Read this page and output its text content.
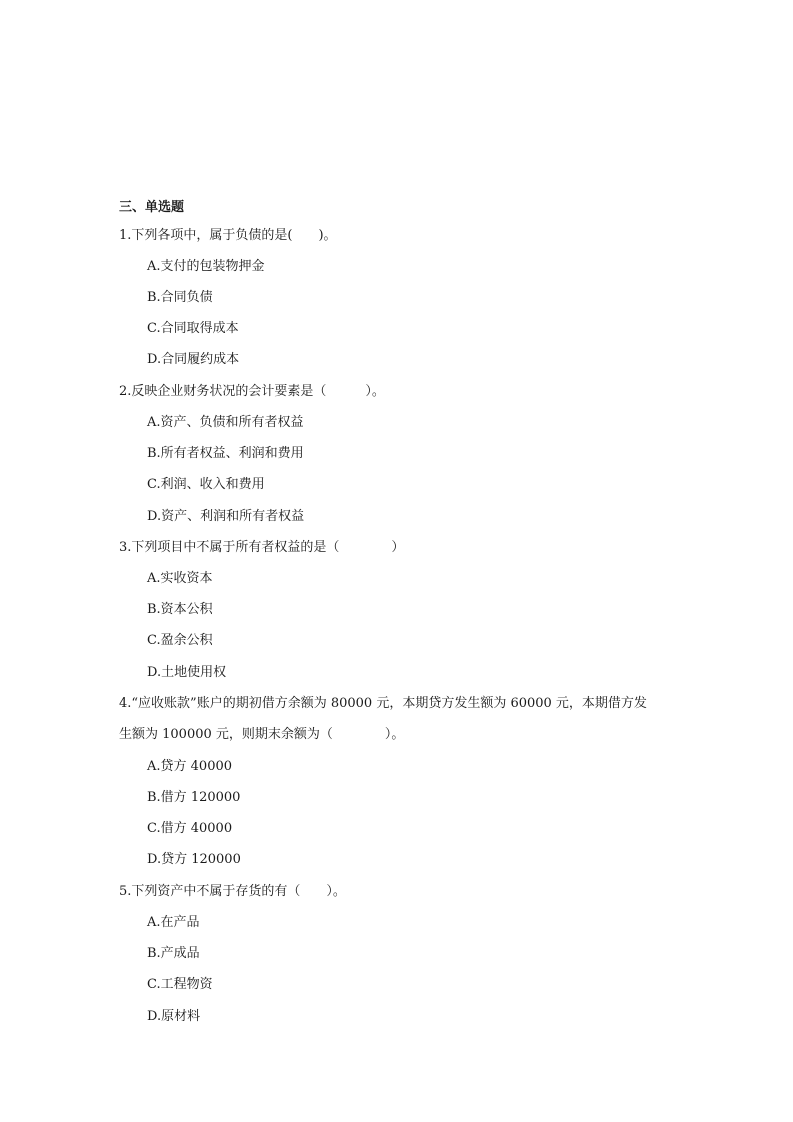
三、单选题
1.下列各项中，属于负债的是(　　)。
A.支付的包装物押金
B.合同负债
C.合同取得成本
D.合同履约成本
2.反映企业财务状况的会计要素是（　　　）。
A.资产、负债和所有者权益
B.所有者权益、利润和费用
C.利润、收入和费用
D.资产、利润和所有者权益
3.下列项目中不属于所有者权益的是（　　　　）
A.实收资本
B.资本公积
C.盈余公积
D.土地使用权
4.“应收账款”账户的期初借方余额为 80000 元，本期贷方发生额为 60000 元，本期借方发
生额为 100000 元，则期末余额为（　　　　）。
A.贷方 40000
B.借方 120000
C.借方 40000
D.贷方 120000
5.下列资产中不属于存货的有（　　）。
A.在产品
B.产成品
C.工程物资
D.原材料
